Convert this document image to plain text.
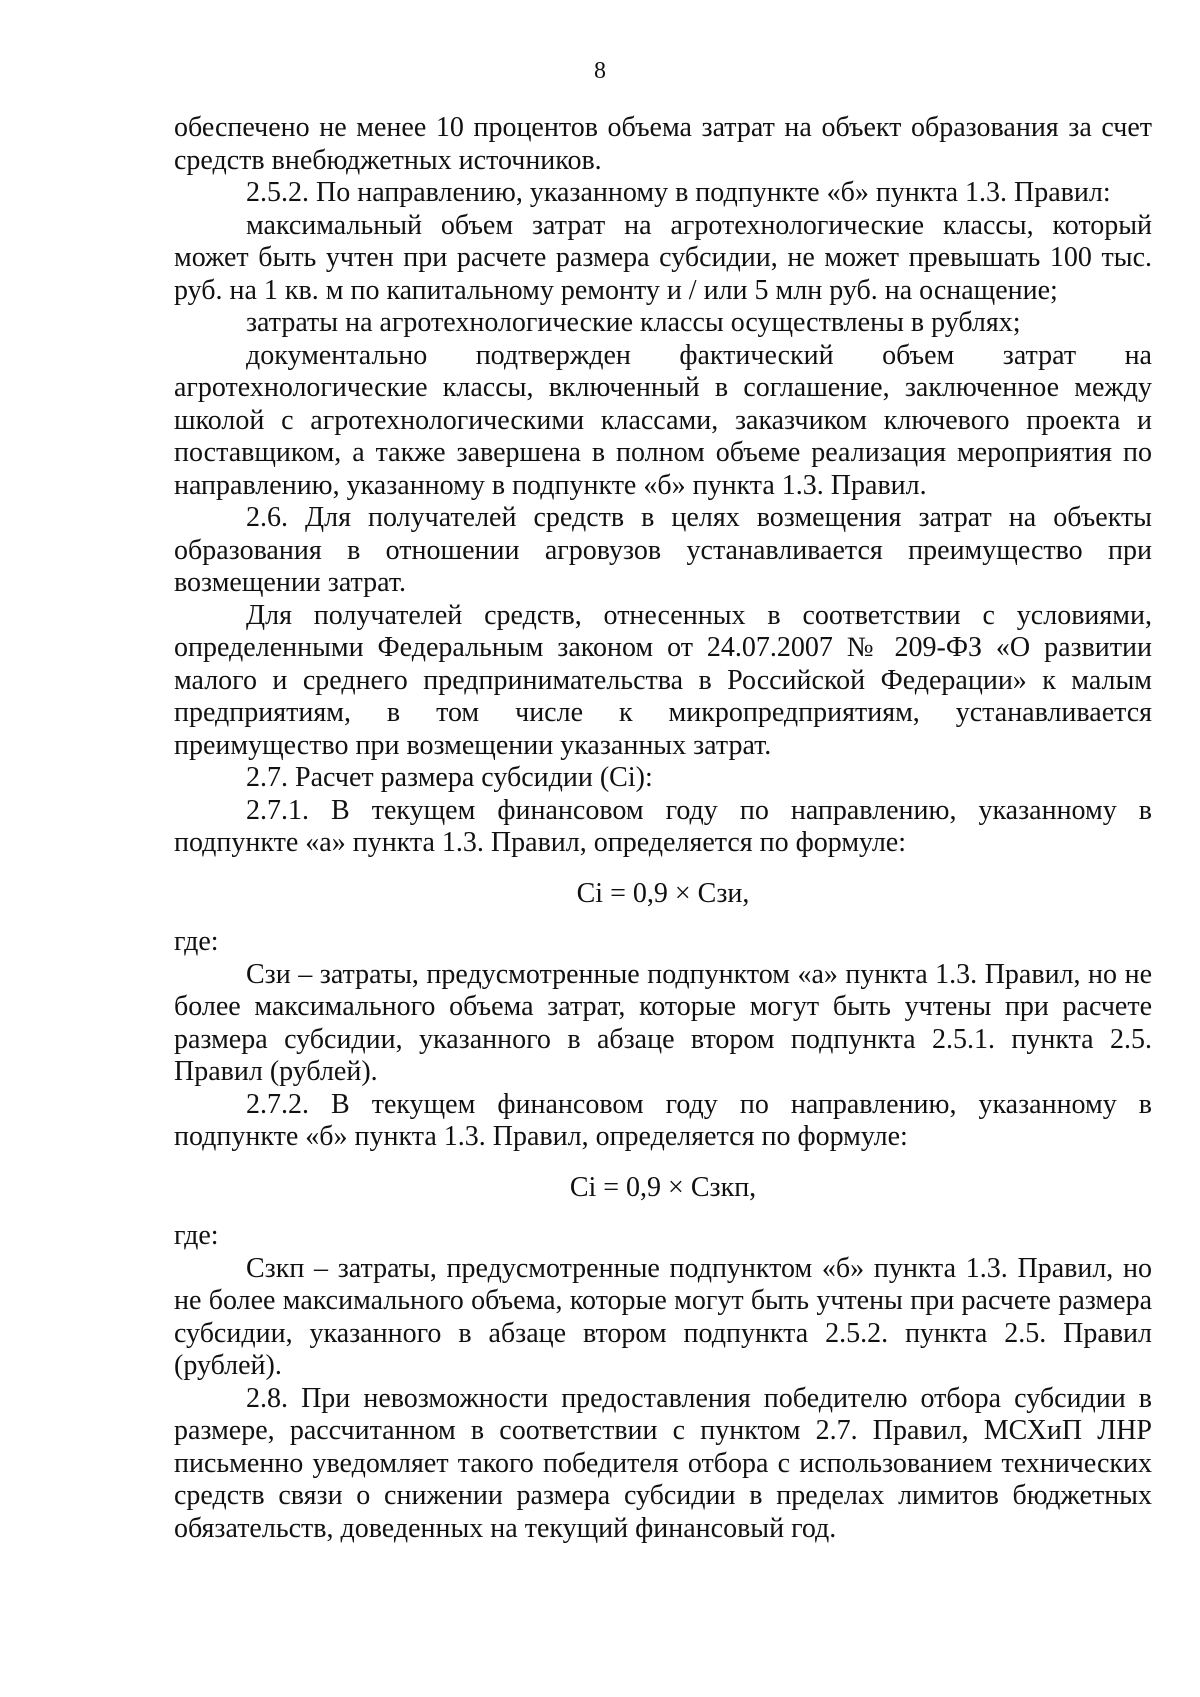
8

обеспечено не менее 10 процентов объема затрат на объект образования за счет средств внебюджетных источников.

2.5.2. По направлению, указанному в подпункте «б» пункта 1.3. Правил:

максимальный объем затрат на агротехнологические классы, который может быть учтен при расчете размера субсидии, не может превышать 100 тыс. руб. на 1 кв. м по капитальному ремонту и / или 5 млн руб. на оснащение;

затраты на агротехнологические классы осуществлены в рублях;

документально подтвержден фактический объем затрат на агротехнологические классы, включенный в соглашение, заключенное между школой с агротехнологическими классами, заказчиком ключевого проекта и поставщиком, а также завершена в полном объеме реализация мероприятия по направлению, указанному в подпункте «б» пункта 1.3. Правил.

2.6. Для получателей средств в целях возмещения затрат на объекты образования в отношении агровузов устанавливается преимущество при возмещении затрат.

Для получателей средств, отнесенных в соответствии с условиями, определенными Федеральным законом от 24.07.2007 № 209-ФЗ «О развитии малого и среднего предпринимательства в Российской Федерации» к малым предприятиям, в том числе к микропредприятиям, устанавливается преимущество при возмещении указанных затрат.

2.7. Расчет размера субсидии (Сi):

2.7.1. В текущем финансовом году по направлению, указанному в подпункте «а» пункта 1.3. Правил, определяется по формуле:

Сi = 0,9 × Сзи,

где:

Сзи – затраты, предусмотренные подпунктом «а» пункта 1.3. Правил, но не более максимального объема затрат, которые могут быть учтены при расчете размера субсидии, указанного в абзаце втором подпункта 2.5.1. пункта 2.5. Правил (рублей).

2.7.2. В текущем финансовом году по направлению, указанному в подпункте «б» пункта 1.3. Правил, определяется по формуле:

Сi = 0,9 × Сзкп,

где:

Сзкп – затраты, предусмотренные подпунктом «б» пункта 1.3. Правил, но не более максимального объема, которые могут быть учтены при расчете размера субсидии, указанного в абзаце втором подпункта 2.5.2. пункта 2.5. Правил (рублей).

2.8. При невозможности предоставления победителю отбора субсидии в размере, рассчитанном в соответствии с пунктом 2.7. Правил, МСХиП ЛНР письменно уведомляет такого победителя отбора с использованием технических средств связи о снижении размера субсидии в пределах лимитов бюджетных обязательств, доведенных на текущий финансовый год.
